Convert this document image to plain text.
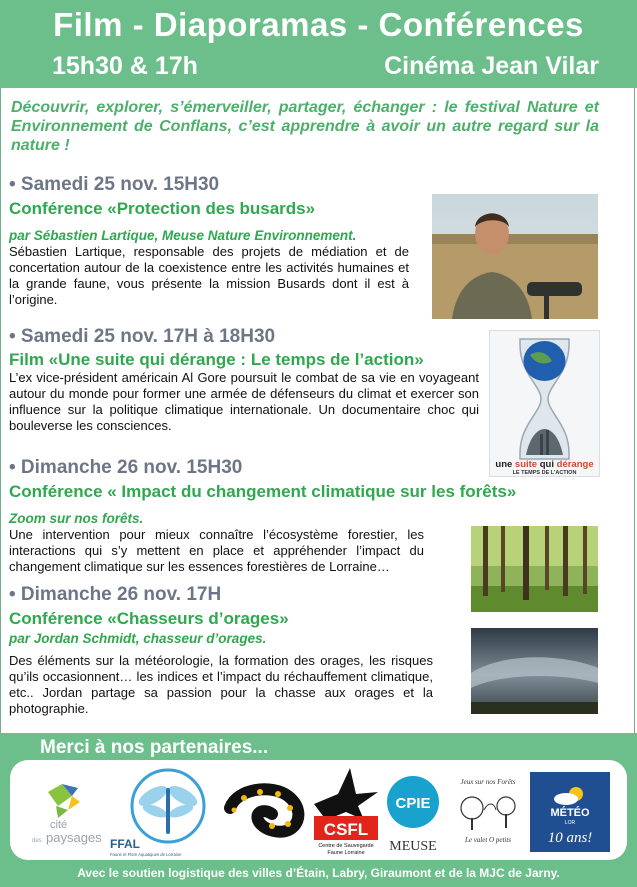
Film - Diaporamas - Conférences
15h30 & 17h	Cinéma Jean Vilar
Découvrir, explorer, s’émerveiller, partager, échanger : le festival Nature et Environnement de Conflans, c’est apprendre à avoir un autre regard sur la nature !
• Samedi 25 nov. 15H30
Conférence «Protection des busards»
par Sébastien Lartique, Meuse Nature Environnement.
Sébastien Lartique, responsable des projets de médiation et de concertation autour de la coexistence entre les activités humaines et la grande faune, vous présente la mission Busards dont il est à l’origine.
• Samedi 25 nov. 17H à 18H30
Film «Une suite qui dérange : Le temps de l’action»
L’ex vice-président américain Al Gore poursuit le combat de sa vie en voyageant autour du monde pour former une armée de défenseurs du climat et exercer son influence sur la politique climatique internationale. Un documentaire choc qui bouleverse les consciences.
une suite qui dérange
LE TEMPS DE L’ACTION
• Dimanche 26 nov. 15H30
Conférence « Impact du changement climatique sur les forêts»
Zoom sur nos forêts.
Une intervention pour mieux connaître l’écosystème forestier, les interactions qui s’y mettent en place et appréhender l’impact du changement climatique sur les essences forestières de Lorraine…
• Dimanche 26 nov. 17H
Conférence «Chasseurs d’orages»
par Jordan Schmidt, chasseur d’orages.
Des éléments sur la météorologie, la formation des orages, les risques qu’ils occasionnent… les indices et l’impact du réchauffement climatique, etc.. Jordan partage sa passion pour la chasse aux orages et la photographie.
Merci à nos partenaires...
cité
des paysages FFAL
Faune et Flore Aquatiques de Lorraine
CSFL
Centre de Sauvegarde
Faune Lorraine
CPIE
MEUSE
Jeux sur nos Forêts
Le valet O petits
MÉTÉO
LOR
10 ans!
Avec le soutien logistique des villes d’Étain, Labry, Giraumont et de la MJC de Jarny.
